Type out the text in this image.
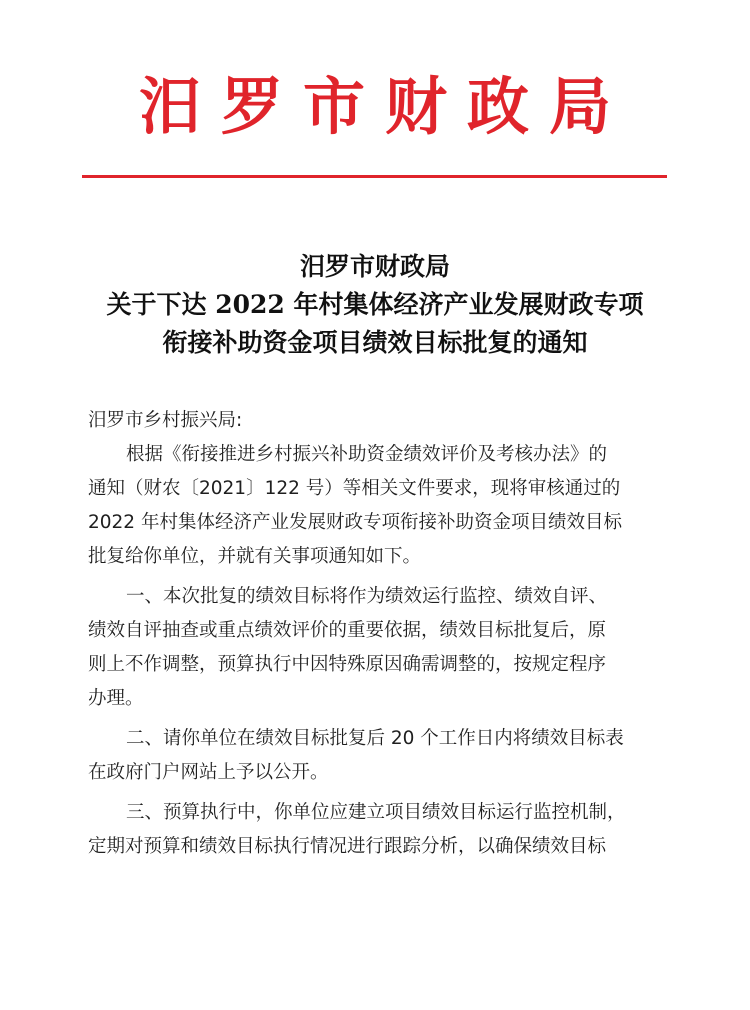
汨罗市财政局
汨罗市财政局
关于下达 2022 年村集体经济产业发展财政专项
衔接补助资金项目绩效目标批复的通知
汨罗市乡村振兴局:
根据《衔接推进乡村振兴补助资金绩效评价及考核办法》的
通知（财农〔2021〕122 号）等相关文件要求，现将审核通过的
2022 年村集体经济产业发展财政专项衔接补助资金项目绩效目标
批复给你单位，并就有关事项通知如下。
一、本次批复的绩效目标将作为绩效运行监控、绩效自评、
绩效自评抽查或重点绩效评价的重要依据，绩效目标批复后，原
则上不作调整，预算执行中因特殊原因确需调整的，按规定程序
办理。
二、请你单位在绩效目标批复后 20 个工作日内将绩效目标表
在政府门户网站上予以公开。
三、预算执行中，你单位应建立项目绩效目标运行监控机制，
定期对预算和绩效目标执行情况进行跟踪分析，以确保绩效目标
